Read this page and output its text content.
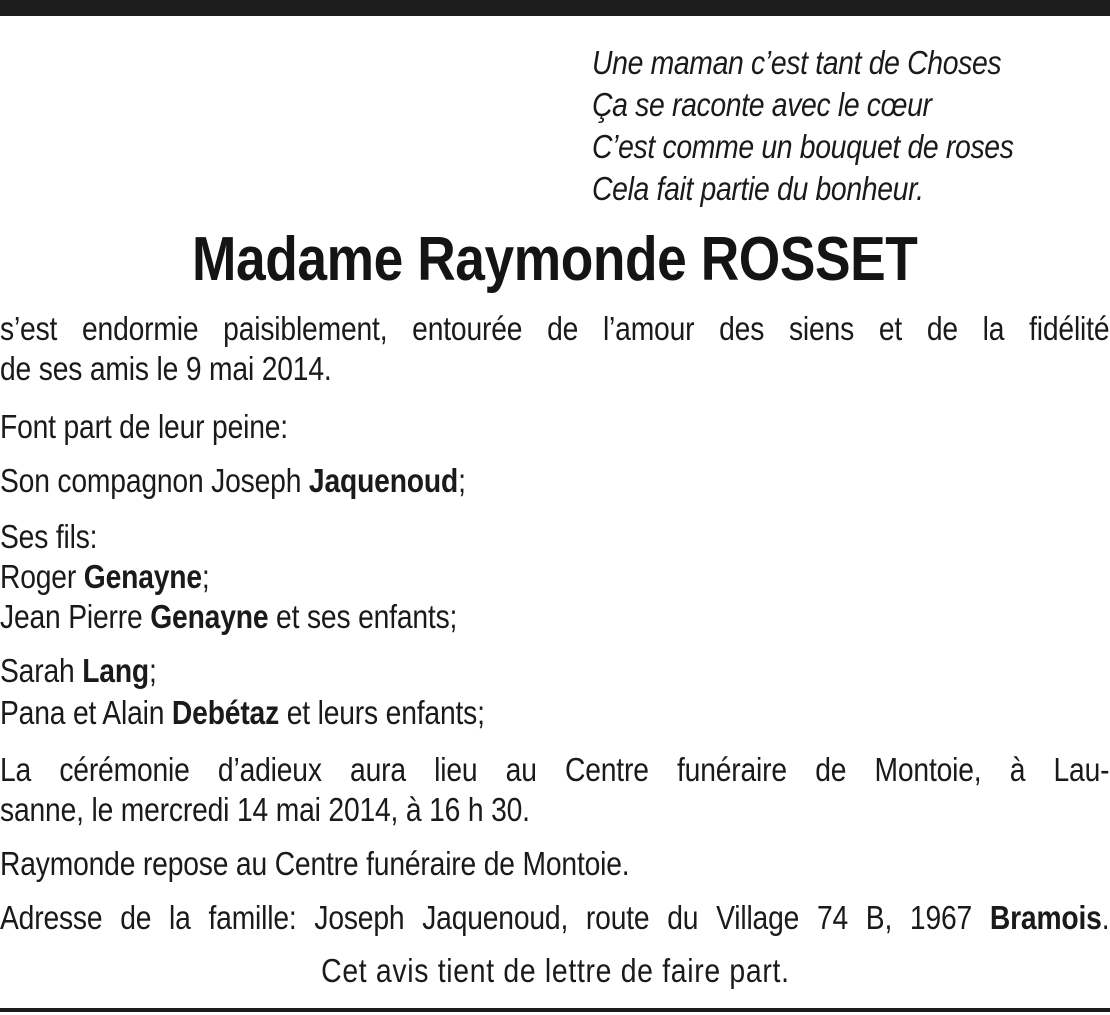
Une maman c’est tant de Choses
Ça se raconte avec le cœur
C’est comme un bouquet de roses
Cela fait partie du bonheur.
Madame Raymonde ROSSET
s’est endormie paisiblement, entourée de l’amour des siens et de la fidélité
de ses amis le 9 mai 2014.
Font part de leur peine:
Son compagnon Joseph Jaquenoud;
Ses fils:
Roger Genayne;
Jean Pierre Genayne et ses enfants;
Sarah Lang;
Pana et Alain Debétaz et leurs enfants;
La cérémonie d’adieux aura lieu au Centre funéraire de Montoie, à Lau-
sanne, le mercredi 14 mai 2014, à 16 h 30.
Raymonde repose au Centre funéraire de Montoie.
Adresse de la famille: Joseph Jaquenoud, route du Village 74 B, 1967 Bramois.
Cet avis tient de lettre de faire part.
